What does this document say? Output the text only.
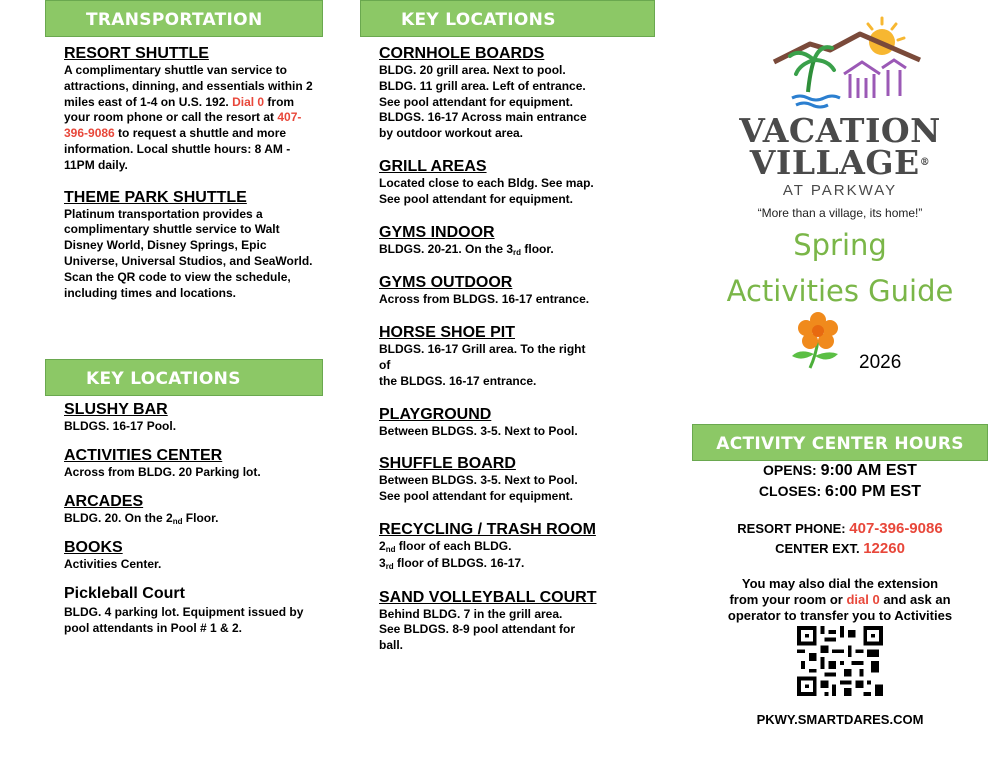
TRANSPORTATION
RESORT SHUTTLE
A complimentary shuttle van service to attractions, dinning, and essentials within 2 miles east of 1-4 on U.S. 192. Dial 0 from your room phone or call the resort at 407-396-9086 to request a shuttle and more information. Local shuttle hours: 8 AM - 11PM daily.
THEME PARK SHUTTLE
Platinum transportation provides a complimentary shuttle service to Walt Disney World, Disney Springs, Epic Universe, Universal Studios, and SeaWorld. Scan the QR code to view the schedule, including times and locations.
KEY LOCATIONS
SLUSHY BAR
BLDGS. 16-17 Pool.
ACTIVITIES CENTER
Across from BLDG. 20 Parking lot.
ARCADES
BLDG. 20. On the 2nd Floor.
BOOKS
Activities Center.
Pickleball Court
BLDG. 4 parking lot. Equipment issued by pool attendants in Pool # 1 & 2.
KEY LOCATIONS
CORNHOLE BOARDS
BLDG. 20 grill area. Next to pool.
BLDG. 11 grill area. Left of entrance.
See pool attendant for equipment.
BLDGS. 16-17 Across main entrance
by outdoor workout area.
GRILL AREAS
Located close to each Bldg. See map.
See pool attendant for equipment.
GYMS INDOOR
BLDGS. 20-21. On the 3rd floor.
GYMS OUTDOOR
Across from BLDGS. 16-17 entrance.
HORSE SHOE PIT
BLDGS. 16-17 Grill area. To the right
of
the BLDGS. 16-17 entrance.
PLAYGROUND
Between BLDGS. 3-5. Next to Pool.
SHUFFLE BOARD
Between BLDGS. 3-5. Next to Pool.
See pool attendant for equipment.
RECYCLING / TRASH ROOM
2nd floor of each BLDG.
3rd floor of BLDGS. 16-17.
SAND VOLLEYBALL COURT
Behind BLDG. 7 in the grill area.
See BLDGS. 8-9 pool attendant for
ball.
VACATION
VILLAGE®
AT PARKWAY
“More than a village, its home!”
Spring
Activities Guide
2026
ACTIVITY CENTER HOURS
OPENS: 9:00 AM EST
CLOSES: 6:00 PM EST
RESORT PHONE: 407-396-9086
CENTER EXT. 12260
You may also dial the extension
from your room or dial 0 and ask an
operator to transfer you to Activities
PKWY.SMARTDARES.COM
